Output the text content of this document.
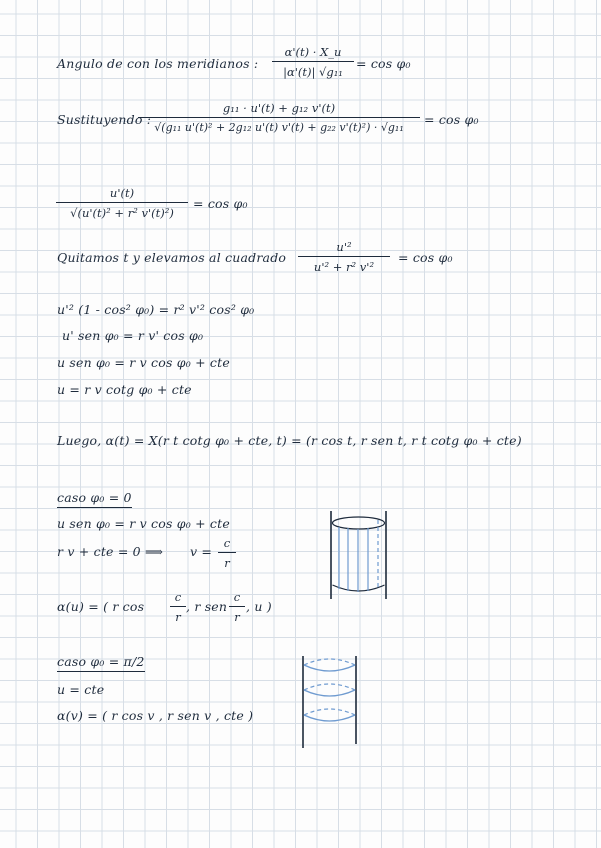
Angulo de con los meridianos :
α'(t) · X_u
|α'(t)| √g₁₁
= cos φ₀
Sustituyendo :
g₁₁ · u'(t) + g₁₂ v'(t)
√(g₁₁ u'(t)² + 2g₁₂ u'(t) v'(t) + g₂₂ v'(t)²) · √g₁₁
= cos φ₀
u'(t)
√(u'(t)² + r² v'(t)²)
= cos φ₀
Quitamos t y elevamos al cuadrado
u'²
u'² + r² v'²
= cos φ₀
u'² (1 - cos² φ₀) = r² v'² cos² φ₀
u' sen φ₀ = r v' cos φ₀
u sen φ₀ = r v cos φ₀ + cte
u = r v cotg φ₀ + cte
Luego, α(t) = X(r t cotg φ₀ + cte, t) = (r cos t, r sen t, r t cotg φ₀ + cte)
caso φ₀ = 0
u sen φ₀ = r v cos φ₀ + cte
r v + cte = 0 ⟹ v =
c
r
α(u) = ( r cos
c
r
, r sen
c
r
, u )
caso φ₀ = π/2
u = cte
α(v) = ( r cos v , r sen v , cte )
